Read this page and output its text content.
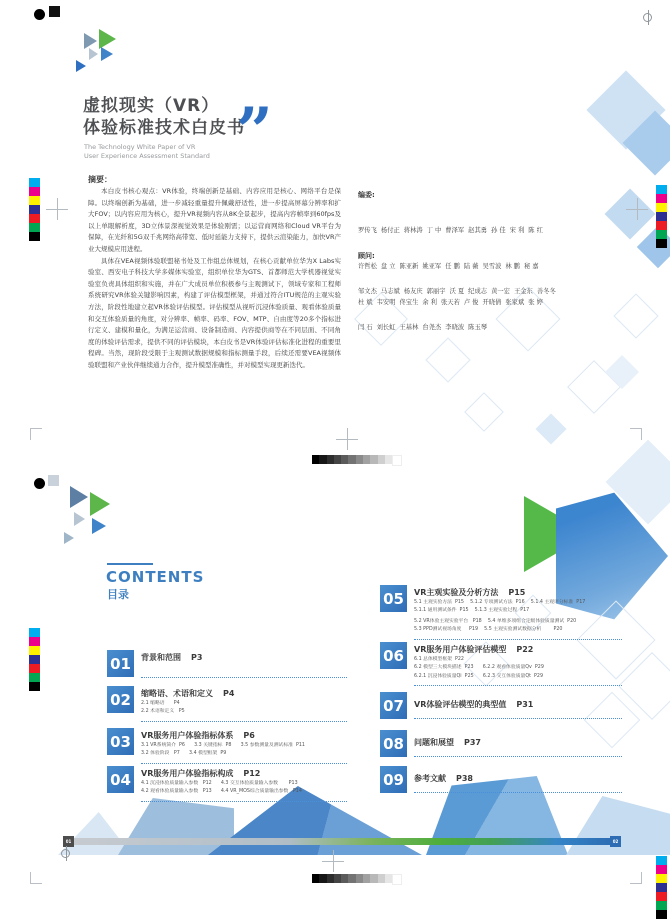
虚拟现实（VR）
体验标准技术白皮书
The Technology White Paper of VR
User Experience Assessment Standard ”
摘要：

本白皮书核心观点：VR体验，终端创新是基础、内容应用是核心、网络平台是保障。以终端创新为基础，进一步减轻重量提升佩戴舒适性，进一步提高屏幕分辨率和扩大FOV；以内容应用为核心，提升VR视频内容从8K全景起步，提高内容帧率到60fps及以上单眼解析度，3D立体景深视觉效果是体验刚需；以运营商网络和Cloud VR平台为保障，在光纤和5G双千兆网络高带宽、低时延能力支持下，提供云渲染能力，加快VR产业大规模应用进程。

具体在VEA视频体验联盟秘书处及工作组总体规划，在核心贡献单位华为X Labs实验室、西安电子科技大学多媒体实验室，组织单位华为GTS、首都师范大学机器视觉实验室负责具体组织和实施，并在广大成员单位积极参与主观测试下，领域专家和工程师系统研究VR体验关键影响因素，构建了评估模型框架，并通过符合ITU规范的主观实验方法，阶段性地建立起VR体验评估模型。评估模型从视听沉浸体验质量、观看体验质量和交互体验质量的角度，对分辨率、帧率、码率、FOV、MTP、自由度等20多个指标进行定义、建模和量化，为满足运营商、设备制造商、内容提供商等在不同层面、不同角度的体验评估需求，提供不同的评估模块，本白皮书是VR体验评估标准化进程的重要里程碑。当然，现阶段受限于主观测试数据规模和指标测量手段，后续还需要VEA视频体验联盟和产业伙伴继续通力合作，提升模型准确性，并对模型实现更新迭代。

编委:

罗传飞  杨付正  蒋林涛  丁 中  曹泽军  赵其勇  孙 佳  宋 利  陈 红

许哲松  盘 立  陈亚新  姚亚军  任 鹏  陆 薇  吴雪波  林 鹏  秘 嘉

杜 斌  韦安明  佟宝生  余 利  张天若  卢 俊  开晓倩  张家斌  张 婷

顾问:

邹文杰  马志斌  杨友庆  郭丽宇  沃 夏  纪成志  黄一宏  王金东  善冬冬

闫 石  刘长虹  王基林  台尧杰  李晓波  陈玉琴

CONTENTS
目录
01	背景和范围 P3
02	缩略语、术语和定义 P4
2.1 缩略语      P4
2.2 术语和定义   P5
03	VR服务用户体验指标体系 P6
3.1 VR系统简介  P6      3.3 关键指标  P8      3.5 参数测量及测试标准  P11
3.2 体验阶段   P7      3.4 模型框架  P9
04	VR服务用户体验指标构成 P12
4.1 沉浸体验质量输入参数   P12      4.3 交互体验质量输入参数       P13
4.2 观看体验质量输入参数   P13      4.4 VR_MOS综合质量输出参数   P14
05	VR主观实验及分析方法 P15
5.1 主观实验方法  P15    5.1.2 专项测试方法  P16    5.1.4 主观评分标准  P17
5.1.1 通用测试条件  P15    5.1.3 主观实验过程  P17
5.2 VR体验主观实验平台   P18    5.4 单维多项组合定级体验质量测试  P20
5.3 PPD测试视场角度     P19    5.5 主观实验测试数据分析        P20
06	VR服务用户体验评估模型 P22
6.1 总体模型框架  P22
6.2 模型三大模块描述  P23      6.2.2 观看体验质量Qv  P29
6.2.1 沉浸体验质量Qi  P25      6.2.3 交互体验质量Qt  P29
07	VR体验评估模型的典型值 P31
08	问题和展望 P37
09	参考文献 P38
01	02
